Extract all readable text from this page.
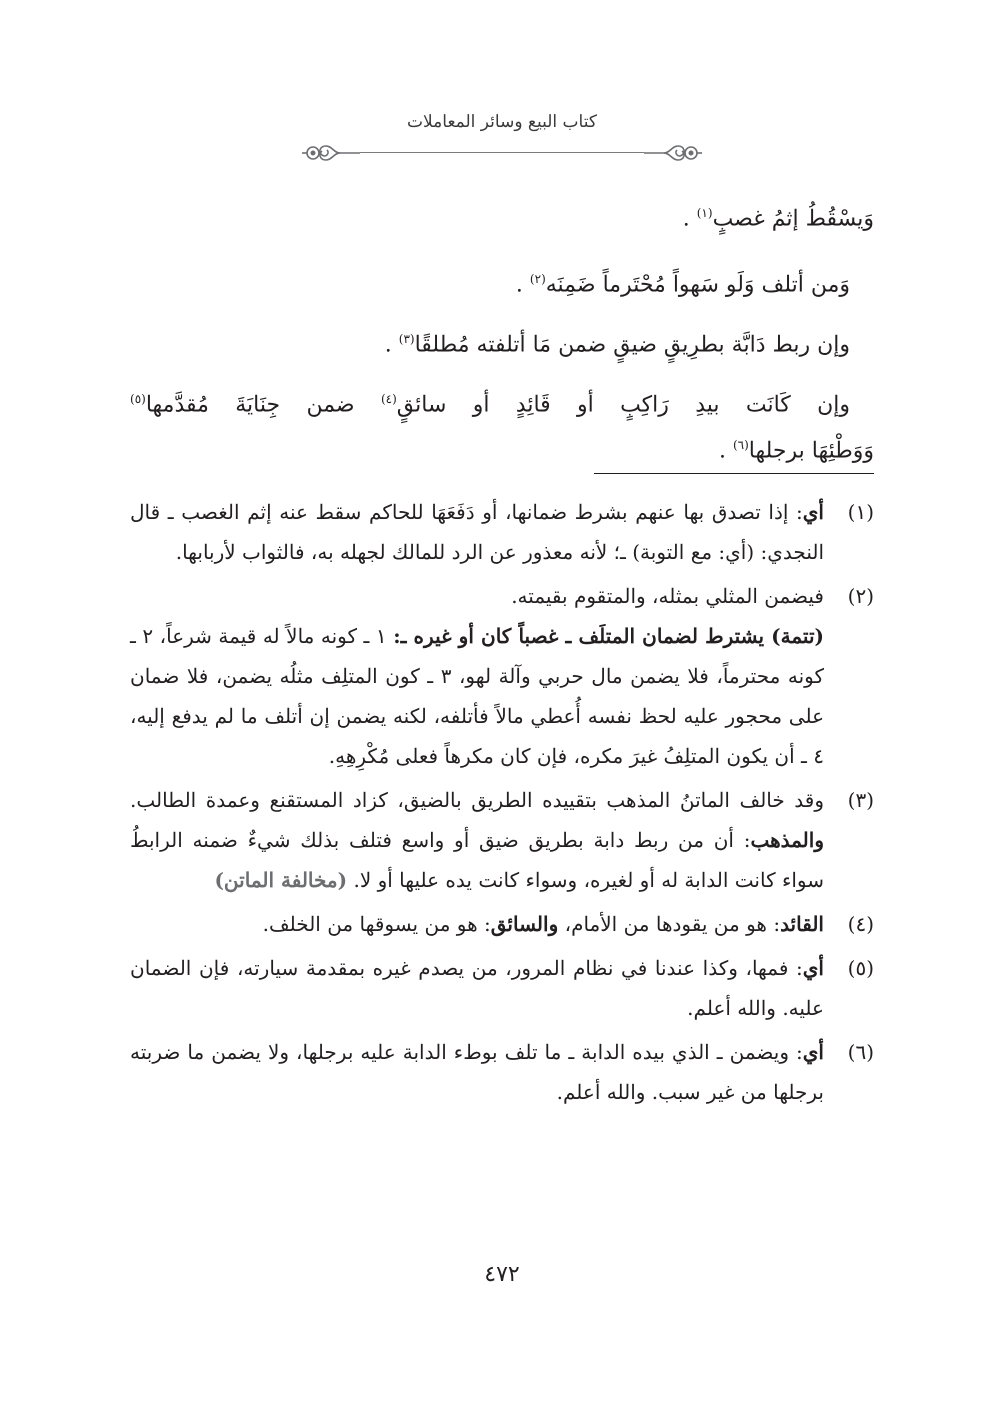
كتاب البيع وسائر المعاملات
وَيسْقُطُ إثمُ غصبٍ$^{(١)}$ .
وَمن أتلف وَلَو سَهواً مُحْتَرماً ضَمِنَه$^{(٢)}$ .
وإن ربط دَابَّة بطرِيقٍ ضيقٍ ضمن مَا أتلفته مُطلقًا$^{(٣)}$ .
وإن كَانَت بيدِ رَاكِبٍ أو قَائِدٍ أو سائقٍ$^{(٤)}$ ضمن جِنَايَةَ مُقدَّمها$^{(٥)}$
وَوَطْئِهَا برجلها$^{(٦)}$ .
(١)
أي: إذا تصدق بها عنهم بشرط ضمانها، أو دَفَعَهَا للحاكم سقط عنه إثم الغصب ـ قال النجدي: (أي: مع التوبة) ـ؛ لأنه معذور عن الرد للمالك لجهله به، فالثواب لأربابها.
(٢)
فيضمن المثلي بمثله، والمتقوم بقيمته.
(تتمة) يشترط لضمان المتلَف ـ غصباً كان أو غيره ـ: ١ ـ كونه مالاً له قيمة شرعاً، ٢ ـ كونه محترماً، فلا يضمن مال حربي وآلة لهو، ٣ ـ كون المتلِف مثلُه يضمن، فلا ضمان على محجور عليه لحظ نفسه أُعطي مالاً فأتلفه، لكنه يضمن إن أتلف ما لم يدفع إليه، ٤ ـ أن يكون المتلِفُ غيرَ مكره، فإن كان مكرهاً فعلى مُكْرِهِهِ.
(٣)
وقد خالف الماتنُ المذهب بتقييده الطريق بالضيق، كزاد المستقنع وعمدة الطالب. والمذهب: أن من ربط دابة بطريق ضيق أو واسع فتلف بذلك شيءٌ ضمنه الرابطُ سواء كانت الدابة له أو لغيره، وسواء كانت يده عليها أو لا. (مخالفة الماتن)
(٤)
القائد: هو من يقودها من الأمام، والسائق: هو من يسوقها من الخلف.
(٥)
أي: فمها، وكذا عندنا في نظام المرور، من يصدم غيره بمقدمة سيارته، فإن الضمان عليه. والله أعلم.
(٦)
أي: ويضمن ـ الذي بيده الدابة ـ ما تلف بوطء الدابة عليه برجلها، ولا يضمن ما ضربته برجلها من غير سبب. والله أعلم.
٤٧٢
